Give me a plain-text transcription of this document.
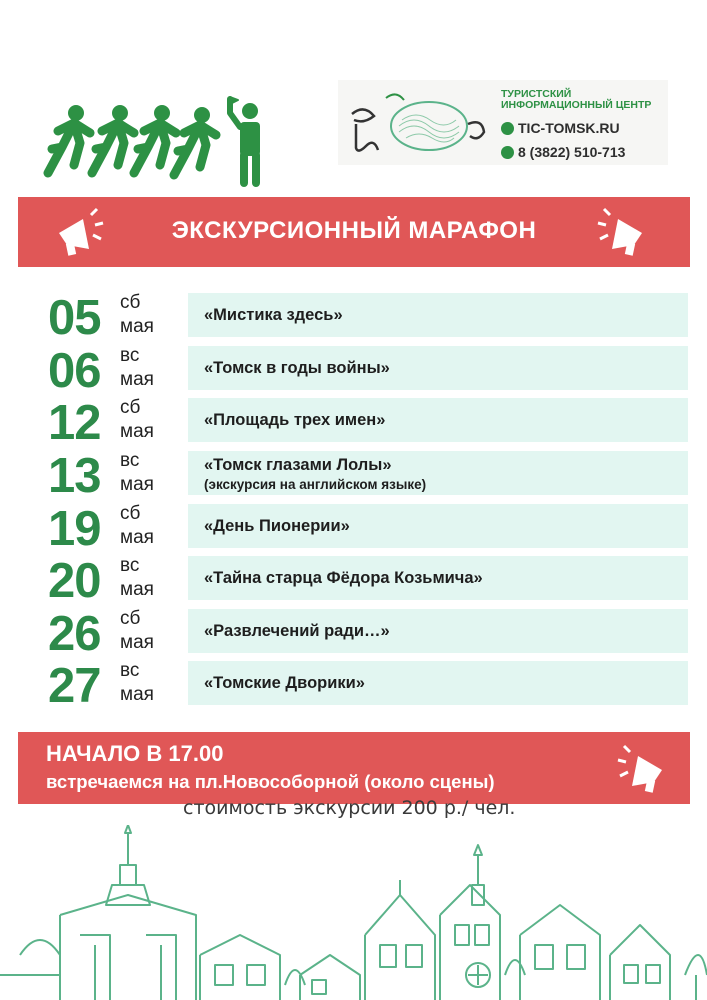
ТУРИСТСКИЙ
ИНФОРМАЦИОННЫЙ ЦЕНТР
TIC-TOMSK.RU
8 (3822) 510-713
ЭКСКУРСИОННЫЙ МАРАФОН
05 сб
мая
«Мистика здесь»
06 вс
мая
«Томск в годы войны»
12 сб
мая
«Площадь трех имен»
13 вс
мая
«Томск глазами Лолы»
(экскурсия на английском языке)
19 сб
мая
«День Пионерии»
20 вс
мая
«Тайна старца Фёдора Козьмича»
26 сб
мая
«Развлечений ради…»
27 вс
мая
«Томские Дворики»
НАЧАЛО В 17.00
встречаемся на пл.Новособорной (около сцены)
стоимость экскурсии 200 р./ чел.
